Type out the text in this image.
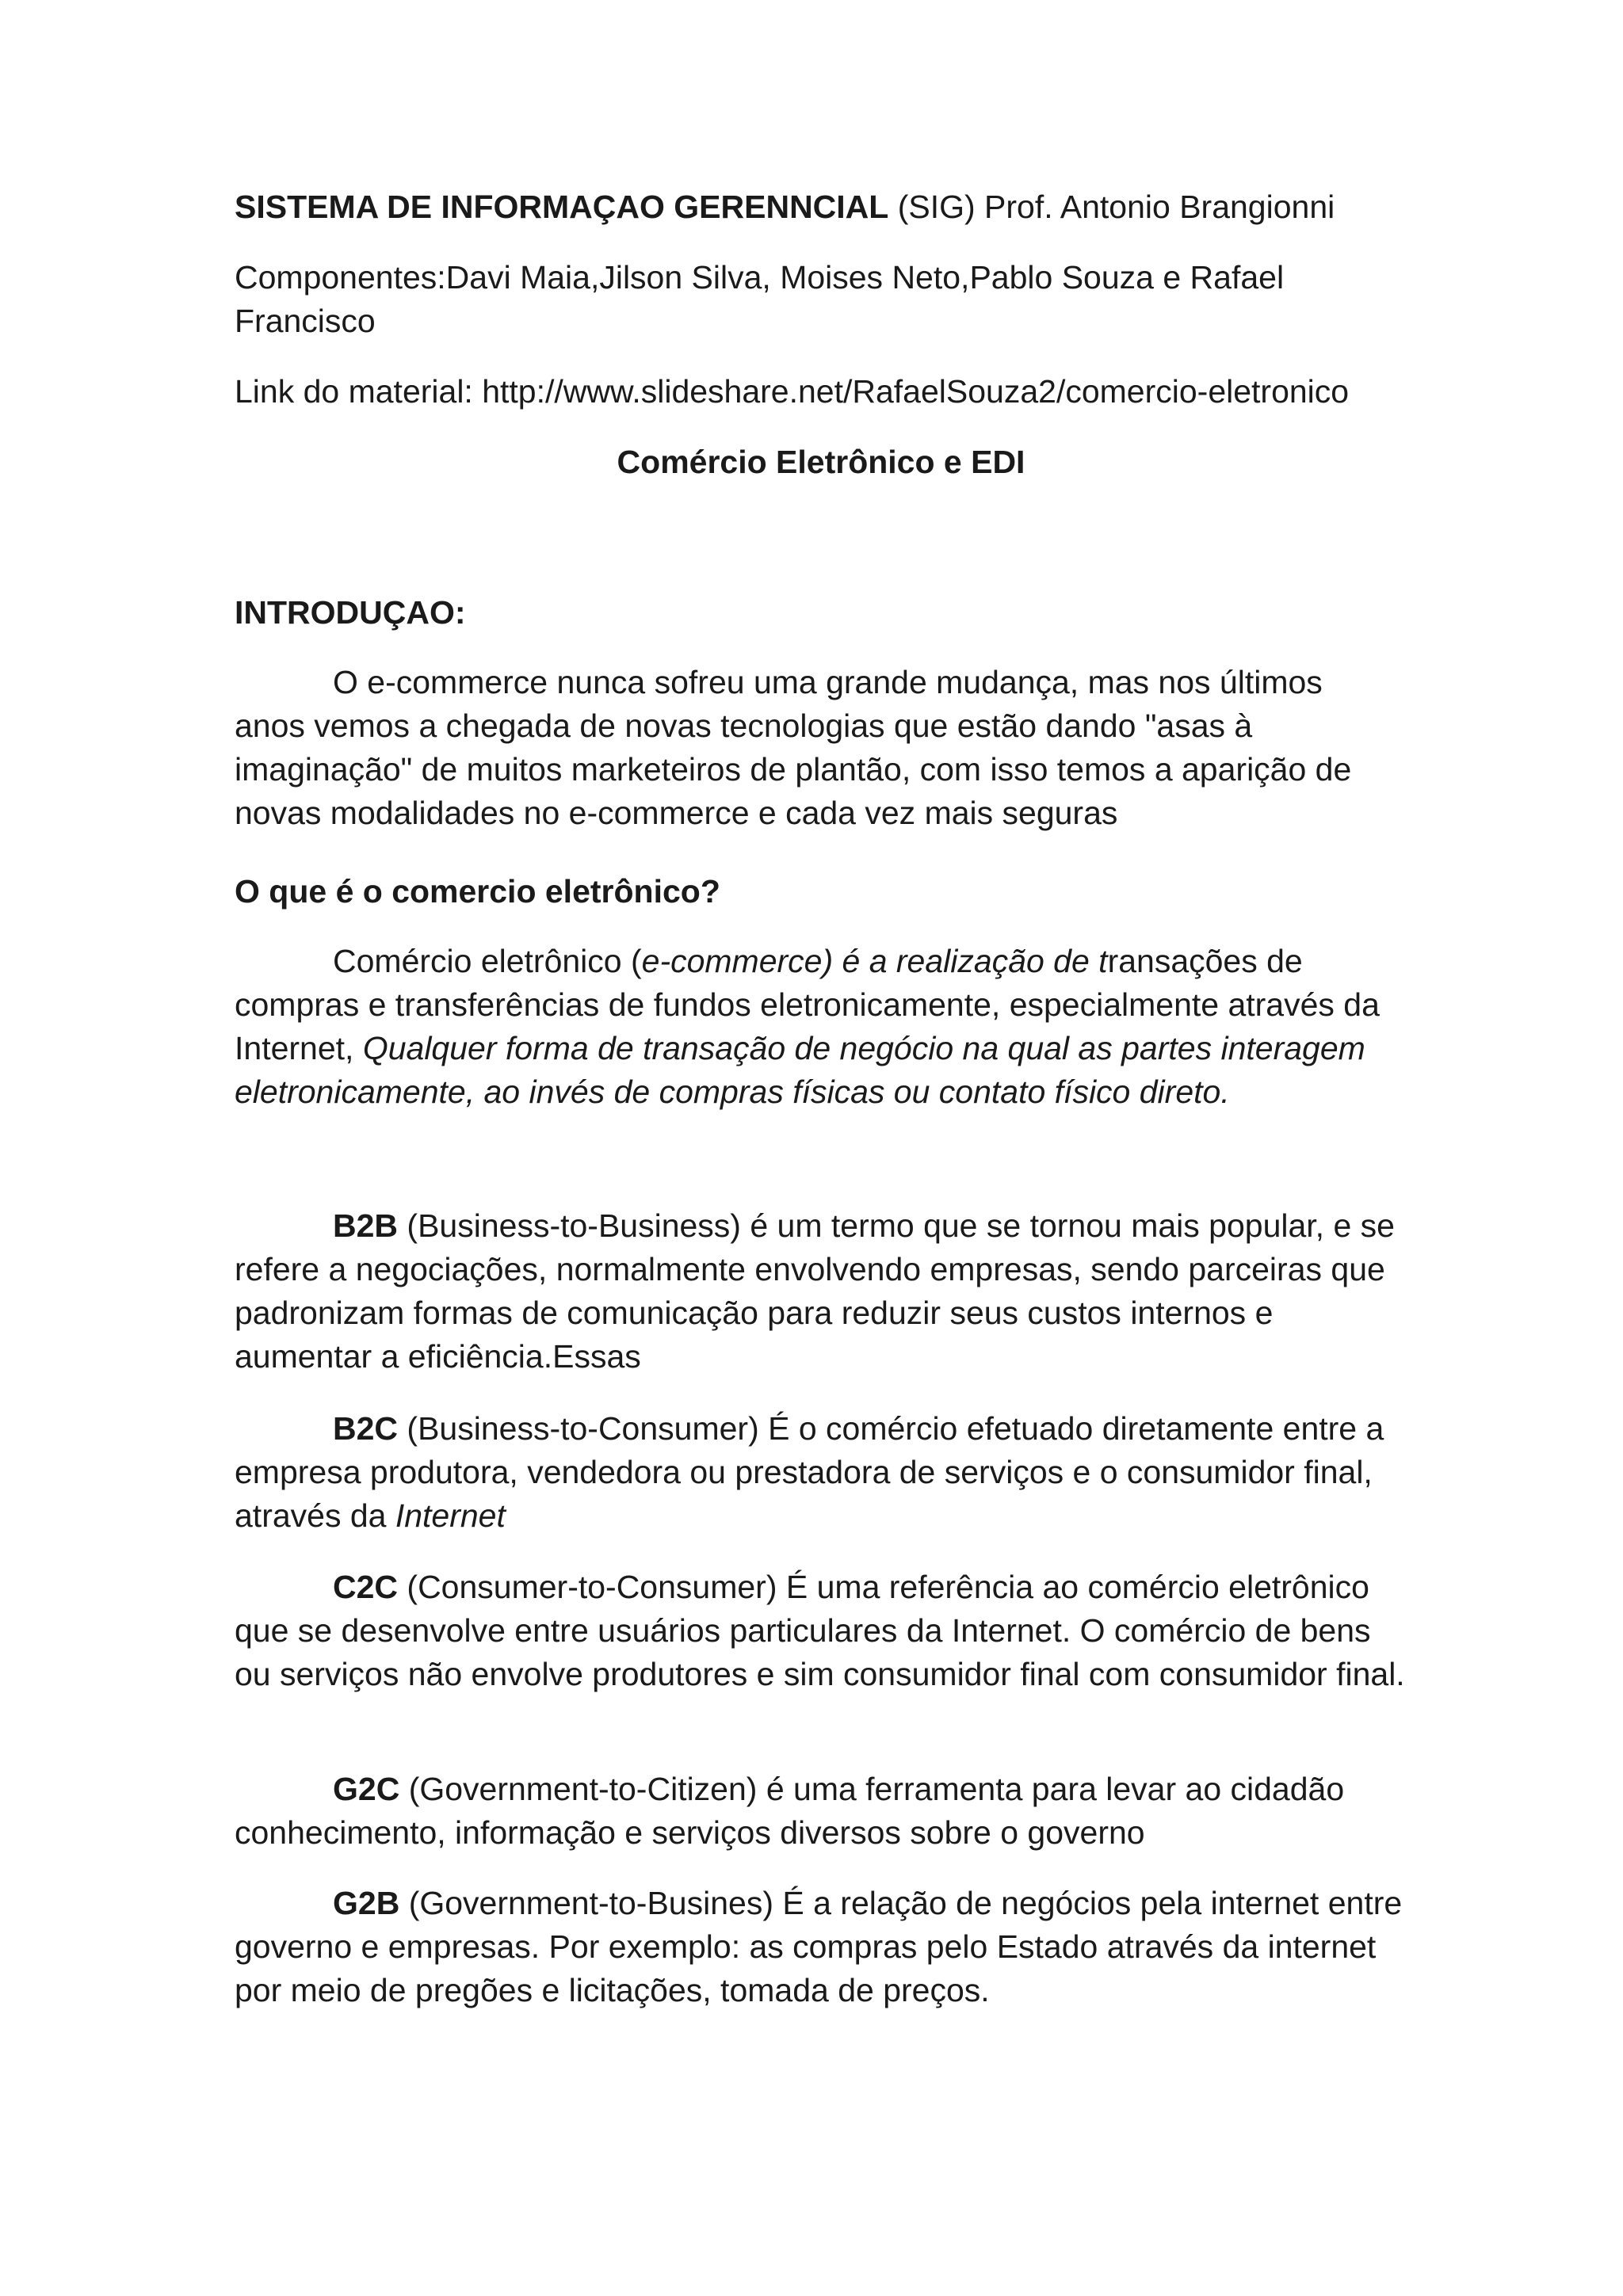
SISTEMA DE INFORMAÇAO GERENNCIAL (SIG) Prof. Antonio Brangionni

Componentes:Davi Maia,Jilson Silva, Moises Neto,Pablo Souza e Rafael Francisco

Link do material: http://www.slideshare.net/RafaelSouza2/comercio-eletronico

Comércio Eletrônico e EDI

INTRODUÇAO:

O e-commerce nunca sofreu uma grande mudança, mas nos últimos anos vemos a chegada de novas tecnologias que estão dando "asas à imaginação" de muitos marketeiros de plantão, com isso temos a aparição de novas modalidades no e-commerce e cada vez mais seguras

O que é o comercio eletrônico?

Comércio eletrônico (e-commerce) é a realização de transações de compras e transferências de fundos eletronicamente, especialmente através da Internet, Qualquer forma de transação de negócio na qual as partes interagem eletronicamente, ao invés de compras físicas ou contato físico direto.

B2B (Business-to-Business) é um termo que se tornou mais popular, e se refere a negociações, normalmente envolvendo empresas, sendo parceiras que padronizam formas de comunicação para reduzir seus custos internos e aumentar a eficiência.Essas

B2C (Business-to-Consumer) É o comércio efetuado diretamente entre a empresa produtora, vendedora ou prestadora de serviços e o consumidor final, através da Internet

C2C (Consumer-to-Consumer) É uma referência ao comércio eletrônico que se desenvolve entre usuários particulares da Internet. O comércio de bens ou serviços não envolve produtores e sim consumidor final com consumidor final.

G2C (Government-to-Citizen) é uma ferramenta para levar ao cidadão conhecimento, informação e serviços diversos sobre o governo

G2B (Government-to-Busines) É a relação de negócios pela internet entre governo e empresas. Por exemplo: as compras pelo Estado através da internet por meio de pregões e licitações, tomada de preços.
